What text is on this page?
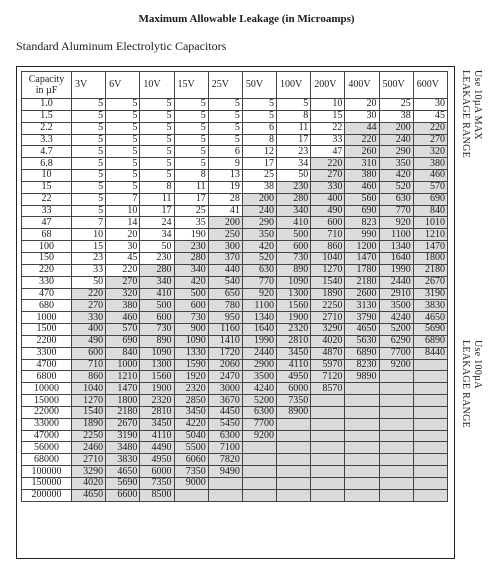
Maximum Allowable Leakage (in Microamps)
Standard Aluminum Electrolytic Capacitors
Capacity
in µF	3V	6V	10V	15V	25V	50V	100V	200V	400V	500V	600V
1.0	5	5	5	5	5	5	5	10	20	25	30
1.5	5	5	5	5	5	5	8	15	30	38	45
2.2	5	5	5	5	5	6	11	22	44	200	220
3.3	5	5	5	5	5	8	17	33	220	240	270
4.7	5	5	5	5	6	12	23	47	260	290	320
6.8	5	5	5	5	9	17	34	220	310	350	380
10	5	5	5	8	13	25	50	270	380	420	460
15	5	5	8	11	19	38	230	330	460	520	570
22	5	7	11	17	28	200	280	400	560	630	690
33	5	10	17	25	41	240	340	490	690	770	840
47	7	14	24	35	200	290	410	600	823	920	1010
68	10	20	34	190	250	350	500	710	990	1100	1210
100	15	30	50	230	300	420	600	860	1200	1340	1470
150	23	45	230	280	370	520	730	1040	1470	1640	1800
220	33	220	280	340	440	630	890	1270	1780	1990	2180
330	50	270	340	420	540	770	1090	1540	2180	2440	2670
470	220	320	410	500	650	920	1300	1890	2600	2910	3190
680	270	380	500	600	780	1100	1560	2250	3130	3500	3830
1000	330	460	600	730	950	1340	1900	2710	3790	4240	4650
1500	400	570	730	900	1160	1640	2320	3290	4650	5200	5690
2200	490	690	890	1090	1410	1990	2810	4020	5630	6290	6890
3300	600	840	1090	1330	1720	2440	3450	4870	6890	7700	8440
4700	710	1000	1300	1590	2060	2900	4110	5970	8230	9200	
6800	860	1210	1560	1920	2470	3500	4950	7120	9890		
10000	1040	1470	1900	2320	3000	4240	6000	8570			
15000	1270	1800	2320	2850	3670	5200	7350				
22000	1540	2180	2810	3450	4450	6300	8900				
33000	1890	2670	3450	4220	5450	7700					
47000	2250	3190	4110	5040	6300	9200					
56000	2460	3480	4490	5500	7100						
68000	2710	3830	4950	6060	7820						
100000	3290	4650	6000	7350	9490						
150000	4020	5690	7350	9000							
200000	4650	6600	8500								
Use 10µA MAX
LEAKAGE RANGE
Use 100µA
LEAKAGE RANGE
